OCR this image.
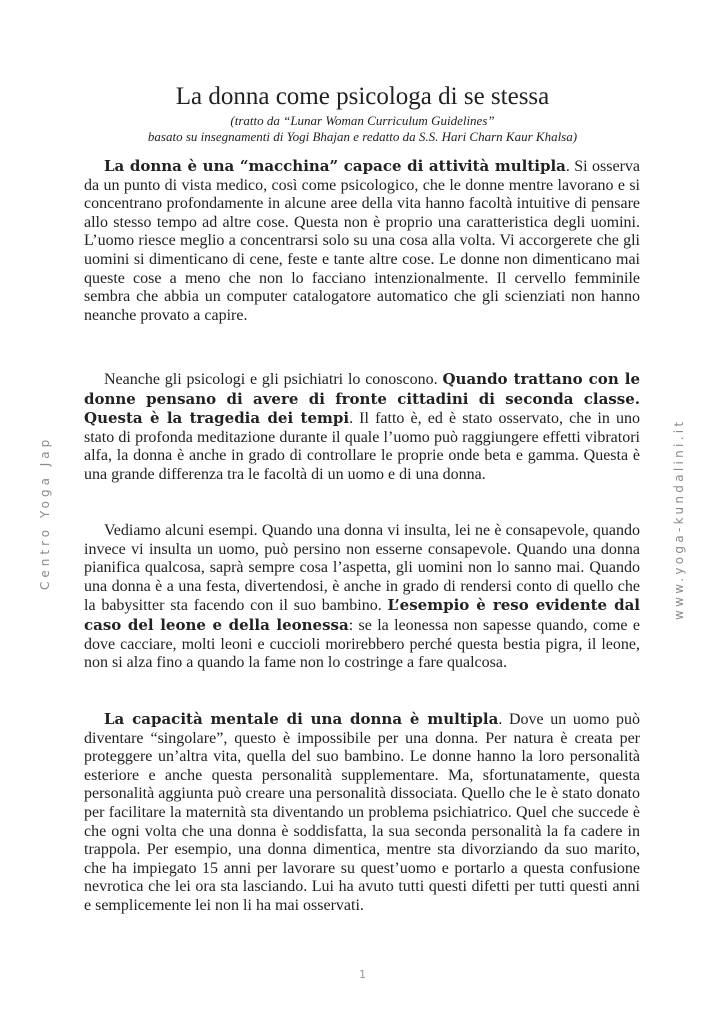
La donna come psicologa di se stessa

(tratto da “Lunar Woman Curriculum Guidelines”

basato su insegnamenti di Yogi Bhajan e redatto da S.S. Hari Charn Kaur Khalsa)

La donna è una “macchina” capace di attività multipla. Si osserva da un punto di vista medico, così come psicologico, che le donne mentre lavorano e si concentrano profondamente in alcune aree della vita hanno facoltà intuitive di pensare allo stesso tempo ad altre cose. Questa non è proprio una caratteristica degli uomini. L’uomo riesce meglio a concentrarsi solo su una cosa alla volta. Vi accorgerete che gli uomini si dimenticano di cene, feste e tante altre cose. Le donne non dimenticano mai queste cose a meno che non lo facciano intenzionalmente. Il cervello femminile sembra che abbia un computer catalogatore automatico che gli scienziati non hanno neanche provato a capire.

Neanche gli psicologi e gli psichiatri lo conoscono. Quando trattano con le donne pensano di avere di fronte cittadini di seconda classe. Questa è la tragedia dei tempi. Il fatto è, ed è stato osservato, che in uno stato di profonda meditazione durante il quale l’uomo può raggiungere effetti vibratori alfa, la donna è anche in grado di controllare le proprie onde beta e gamma. Questa è una grande differenza tra le facoltà di un uomo e di una donna.

Vediamo alcuni esempi. Quando una donna vi insulta, lei ne è consapevole, quando invece vi insulta un uomo, può persino non esserne consapevole. Quando una donna pianifica qualcosa, saprà sempre cosa l’aspetta, gli uomini non lo sanno mai. Quando una donna è a una festa, divertendosi, è anche in grado di rendersi conto di quello che la babysitter sta facendo con il suo bambino. L’esempio è reso evidente dal caso del leone e della leonessa: se la leonessa non sapesse quando, come e dove cacciare, molti leoni e cuccioli morirebbero perché questa bestia pigra, il leone, non si alza fino a quando la fame non lo costringe a fare qualcosa.

La capacità mentale di una donna è multipla. Dove un uomo può diventare “singolare”, questo è impossibile per una donna. Per natura è creata per proteggere un’altra vita, quella del suo bambino. Le donne hanno la loro personalità esteriore e anche questa personalità supplementare. Ma, sfortunatamente, questa personalità aggiunta può creare una personalità dissociata. Quello che le è stato donato per facilitare la maternità sta diventando un problema psichiatrico. Quel che succede è che ogni volta che una donna è soddisfatta, la sua seconda personalità la fa cadere in trappola. Per esempio, una donna dimentica, mentre sta divorziando da suo marito, che ha impiegato 15 anni per lavorare su quest’uomo e portarlo a questa confusione nevrotica che lei ora sta lasciando. Lui ha avuto tutti questi difetti per tutti questi anni e semplicemente lei non li ha mai osservati.

Centro Yoga Jap	www.yoga-kundalini.it

1
